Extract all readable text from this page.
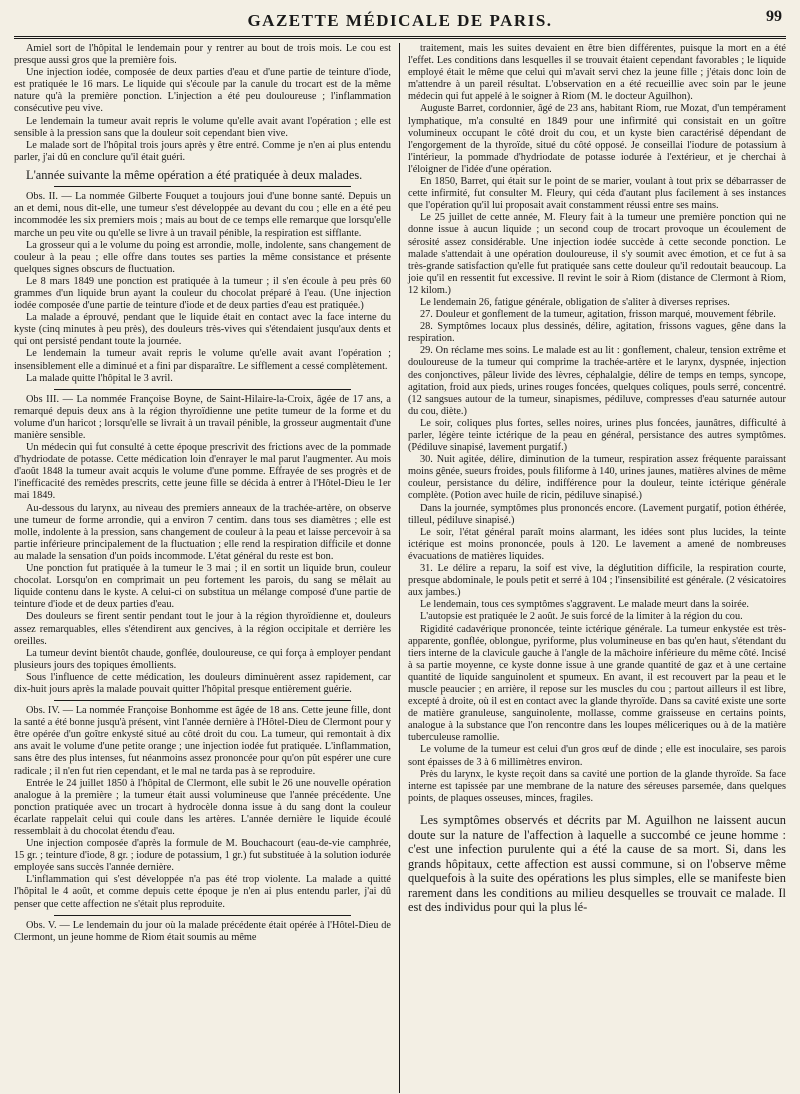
GAZETTE MÉDICALE DE PARIS.	99

Amiel sort de l'hôpital le lendemain pour y rentrer au bout de trois mois. Le cou est presque aussi gros que la première fois.

Une injection iodée, composée de deux parties d'eau et d'une partie de teinture d'iode, est pratiquée le 16 mars. Le liquide qui s'écoule par la canule du trocart est de la même nature qu'à la première ponction. L'injection a été peu douloureuse ; l'inflammation consécutive peu vive.

Le lendemain la tumeur avait repris le volume qu'elle avait avant l'opération ; elle est sensible à la pression sans que la douleur soit cependant bien vive.

Le malade sort de l'hôpital trois jours après y être entré. Comme je n'en ai plus entendu parler, j'ai dû en conclure qu'il était guéri.

L'année suivante la même opération a été pratiquée à deux malades.

Obs. II. — La nommée Gilberte Fouquet a toujours joui d'une bonne santé. Depuis un an et demi, nous dit-elle, une tumeur s'est développée au devant du cou ; elle en a été peu incommodée les six premiers mois ; mais au bout de ce temps elle remarque que lorsqu'elle marche un peu vite ou qu'elle se livre à un travail pénible, la respiration est sifflante.

La grosseur qui a le volume du poing est arrondie, molle, indolente, sans changement de couleur à la peau ; elle offre dans toutes ses parties la même consistance et présente quelques signes obscurs de fluctuation.

Le 8 mars 1849 une ponction est pratiquée à la tumeur ; il s'en écoule à peu près 60 grammes d'un liquide brun ayant la couleur du chocolat préparé à l'eau. (Une injection iodée composée d'une partie de teinture d'iode et de deux parties d'eau est pratiquée.)

La malade a éprouvé, pendant que le liquide était en contact avec la face interne du kyste (cinq minutes à peu près), des douleurs très-vives qui s'étendaient jusqu'aux dents et qui ont persisté pendant toute la journée.

Le lendemain la tumeur avait repris le volume qu'elle avait avant l'opération ; insensiblement elle a diminué et a fini par disparaître. Le sifflement a cessé complètement.

La malade quitte l'hôpital le 3 avril.

Obs III. — La nommée Françoise Boyne, de Saint-Hilaire-la-Croix, âgée de 17 ans, a remarqué depuis deux ans à la région thyroïdienne une petite tumeur de la forme et du volume d'un haricot ; lorsqu'elle se livrait à un travail pénible, la grosseur augmentait d'une manière sensible.

Un médecin qui fut consulté à cette époque prescrivit des frictions avec de la pommade d'hydriodate de potasse. Cette médication loin d'enrayer le mal parut l'augmenter. Au mois d'août 1848 la tumeur avait acquis le volume d'une pomme. Effrayée de ses progrès et de l'inefficacité des remèdes prescrits, cette jeune fille se décida à entrer à l'Hôtel-Dieu le 1er mai 1849.

Au-dessous du larynx, au niveau des premiers anneaux de la trachée-artère, on observe une tumeur de forme arrondie, qui a environ 7 centim. dans tous ses diamètres ; elle est molle, indolente à la pression, sans changement de couleur à la peau et laisse percevoir à sa partie inférieure principalement de la fluctuation ; elle rend la respiration difficile et donne au malade la sensation d'un poids incommode. L'état général du reste est bon.

Une ponction fut pratiquée à la tumeur le 3 mai ; il en sortit un liquide brun, couleur chocolat. Lorsqu'on en comprimait un peu fortement les parois, du sang se mêlait au liquide contenu dans le kyste. A celui-ci on substitua un mélange composé d'une partie de teinture d'iode et de deux parties d'eau.

Des douleurs se firent sentir pendant tout le jour à la région thyroïdienne et, douleurs assez remarquables, elles s'étendirent aux gencives, à la région occipitale et derrière les oreilles.

La tumeur devint bientôt chaude, gonflée, douloureuse, ce qui força à employer pendant plusieurs jours des topiques émollients.

Sous l'influence de cette médication, les douleurs diminuèrent assez rapidement, car dix-huit jours après la malade pouvait quitter l'hôpital presque entièrement guérie.

Obs. IV. — La nommée Françoise Bonhomme est âgée de 18 ans. Cette jeune fille, dont la santé a été bonne jusqu'à présent, vint l'année dernière à l'Hôtel-Dieu de Clermont pour y être opérée d'un goître enkysté situé au côté droit du cou. La tumeur, qui remontait à dix ans avait le volume d'une petite orange ; une injection iodée fut pratiquée. L'inflammation, sans être des plus intenses, fut néanmoins assez prononcée pour qu'on pût espérer une cure radicale ; il n'en fut rien cependant, et le mal ne tarda pas à se reproduire.

Entrée le 24 juillet 1850 à l'hôpital de Clermont, elle subit le 26 une nouvelle opération analogue à la première ; la tumeur était aussi volumineuse que l'année précédente. Une ponction pratiquée avec un trocart à hydrocèle donna issue à du sang dont la couleur écarlate rappelait celui qui coule dans les artères. L'année dernière le liquide écoulé ressemblait à du chocolat étendu d'eau.

Une injection composée d'après la formule de M. Bouchacourt (eau-de-vie camphrée, 15 gr. ; teinture d'iode, 8 gr. ; iodure de potassium, 1 gr.) fut substituée à la solution iodurée employée sans succès l'année dernière.

L'inflammation qui s'est développée n'a pas été trop violente. La malade a quitté l'hôpital le 4 août, et comme depuis cette époque je n'en ai plus entendu parler, j'ai dû penser que cette affection ne s'était plus reproduite.

Obs. V. — Le lendemain du jour où la malade précédente était opérée à l'Hôtel-Dieu de Clermont, un jeune homme de Riom était soumis au même

traitement, mais les suites devaient en être bien différentes, puisque la mort en a été l'effet. Les conditions dans lesquelles il se trouvait étaient cependant favorables ; le liquide employé était le même que celui qui m'avait servi chez la jeune fille ; j'étais donc loin de m'attendre à un pareil résultat. L'observation en a été recueillie avec soin par le jeune médecin qui fut appelé à le soigner à Riom (M. le docteur Aguilhon).

Auguste Barret, cordonnier, âgé de 23 ans, habitant Riom, rue Mozat, d'un tempérament lymphatique, m'a consulté en 1849 pour une infirmité qui consistait en un goître volumineux occupant le côté droit du cou, et un kyste bien caractérisé dépendant de l'engorgement de la thyroïde, situé du côté opposé. Je conseillai l'iodure de potassium à l'intérieur, la pommade d'hydriodate de potasse iodurée à l'extérieur, et je cherchai à l'éloigner de l'idée d'une opération.

En 1850, Barret, qui était sur le point de se marier, voulant à tout prix se débarrasser de cette infirmité, fut consulter M. Fleury, qui céda d'autant plus facilement à ses instances que l'opération qu'il lui proposait avait constamment réussi entre ses mains.

Le 25 juillet de cette année, M. Fleury fait à la tumeur une première ponction qui ne donne issue à aucun liquide ; un second coup de trocart provoque un écoulement de sérosité assez considérable. Une injection iodée succède à cette seconde ponction. Le malade s'attendait à une opération douloureuse, il s'y soumit avec émotion, et ce fut à sa très-grande satisfaction qu'elle fut pratiquée sans cette douleur qu'il redoutait beaucoup. La joie qu'il en ressentit fut excessive. Il revint le soir à Riom (distance de Clermont à Riom, 12 kilom.)

Le lendemain 26, fatigue générale, obligation de s'aliter à diverses reprises.

27. Douleur et gonflement de la tumeur, agitation, frisson marqué, mouvement fébrile.

28. Symptômes locaux plus dessinés, délire, agitation, frissons vagues, gêne dans la respiration.

29. On réclame mes soins. Le malade est au lit : gonflement, chaleur, tension extrême et douloureuse de la tumeur qui comprime la trachée-artère et le larynx, dyspnée, injection des conjonctives, pâleur livide des lèvres, céphalalgie, délire de temps en temps, syncope, agitation, froid aux pieds, urines rouges foncées, quelques coliques, pouls serré, concentré. (12 sangsues autour de la tumeur, sinapismes, pédiluve, compresses d'eau saturnée autour du cou, diète.)

Le soir, coliques plus fortes, selles noires, urines plus foncées, jaunâtres, difficulté à parler, légère teinte ictérique de la peau en général, persistance des autres symptômes. (Pédiluve sinapisé, lavement purgatif.)

30. Nuit agitée, délire, diminution de la tumeur, respiration assez fréquente paraissant moins gênée, sueurs froides, pouls filiforme à 140, urines jaunes, matières alvines de même couleur, persistance du délire, indifférence pour la douleur, teinte ictérique générale complète. (Potion avec huile de ricin, pédiluve sinapisé.)

Dans la journée, symptômes plus prononcés encore. (Lavement purgatif, potion éthérée, tilleul, pédiluve sinapisé.)

Le soir, l'état général paraît moins alarmant, les idées sont plus lucides, la teinte ictérique est moins prononcée, pouls à 120. Le lavement a amené de nombreuses évacuations de matières liquides.

31. Le délire a reparu, la soif est vive, la déglutition difficile, la respiration courte, presque abdominale, le pouls petit et serré à 104 ; l'insensibilité est générale. (2 vésicatoires aux jambes.)

Le lendemain, tous ces symptômes s'aggravent. Le malade meurt dans la soirée.

L'autopsie est pratiquée le 2 août. Je suis forcé de la limiter à la région du cou.

Rigidité cadavérique prononcée, teinte ictérique générale. La tumeur enkystée est très-apparente, gonflée, oblongue, pyriforme, plus volumineuse en bas qu'en haut, s'étendant du tiers interne de la clavicule gauche à l'angle de la mâchoire inférieure du même côté. Incisé à sa partie moyenne, ce kyste donne issue à une grande quantité de gaz et à une certaine quantité de liquide sanguinolent et spumeux. En avant, il est recouvert par la peau et le muscle peaucier ; en arrière, il repose sur les muscles du cou ; partout ailleurs il est libre, excepté à droite, où il est en contact avec la glande thyroïde. Dans sa cavité existe une sorte de matière granuleuse, sanguinolente, mollasse, comme graisseuse en certains points, analogue à la substance que l'on rencontre dans les loupes méliceriques ou à de la matière tuberculeuse ramollie.

Le volume de la tumeur est celui d'un gros œuf de dinde ; elle est inoculaire, ses parois sont épaisses de 3 à 6 millimètres environ.

Près du larynx, le kyste reçoit dans sa cavité une portion de la glande thyroïde. Sa face interne est tapissée par une membrane de la nature des séreuses parsemée, dans quelques points, de plaques osseuses, minces, fragiles.

Les symptômes observés et décrits par M. Aguilhon ne laissent aucun doute sur la nature de l'affection à laquelle a succombé ce jeune homme : c'est une infection purulente qui a été la cause de sa mort. Si, dans les grands hôpitaux, cette affection est aussi commune, si on l'observe même quelquefois à la suite des opérations les plus simples, elle se manifeste bien rarement dans les conditions au milieu desquelles se trouvait ce malade. Il est des individus pour qui la plus lé-
